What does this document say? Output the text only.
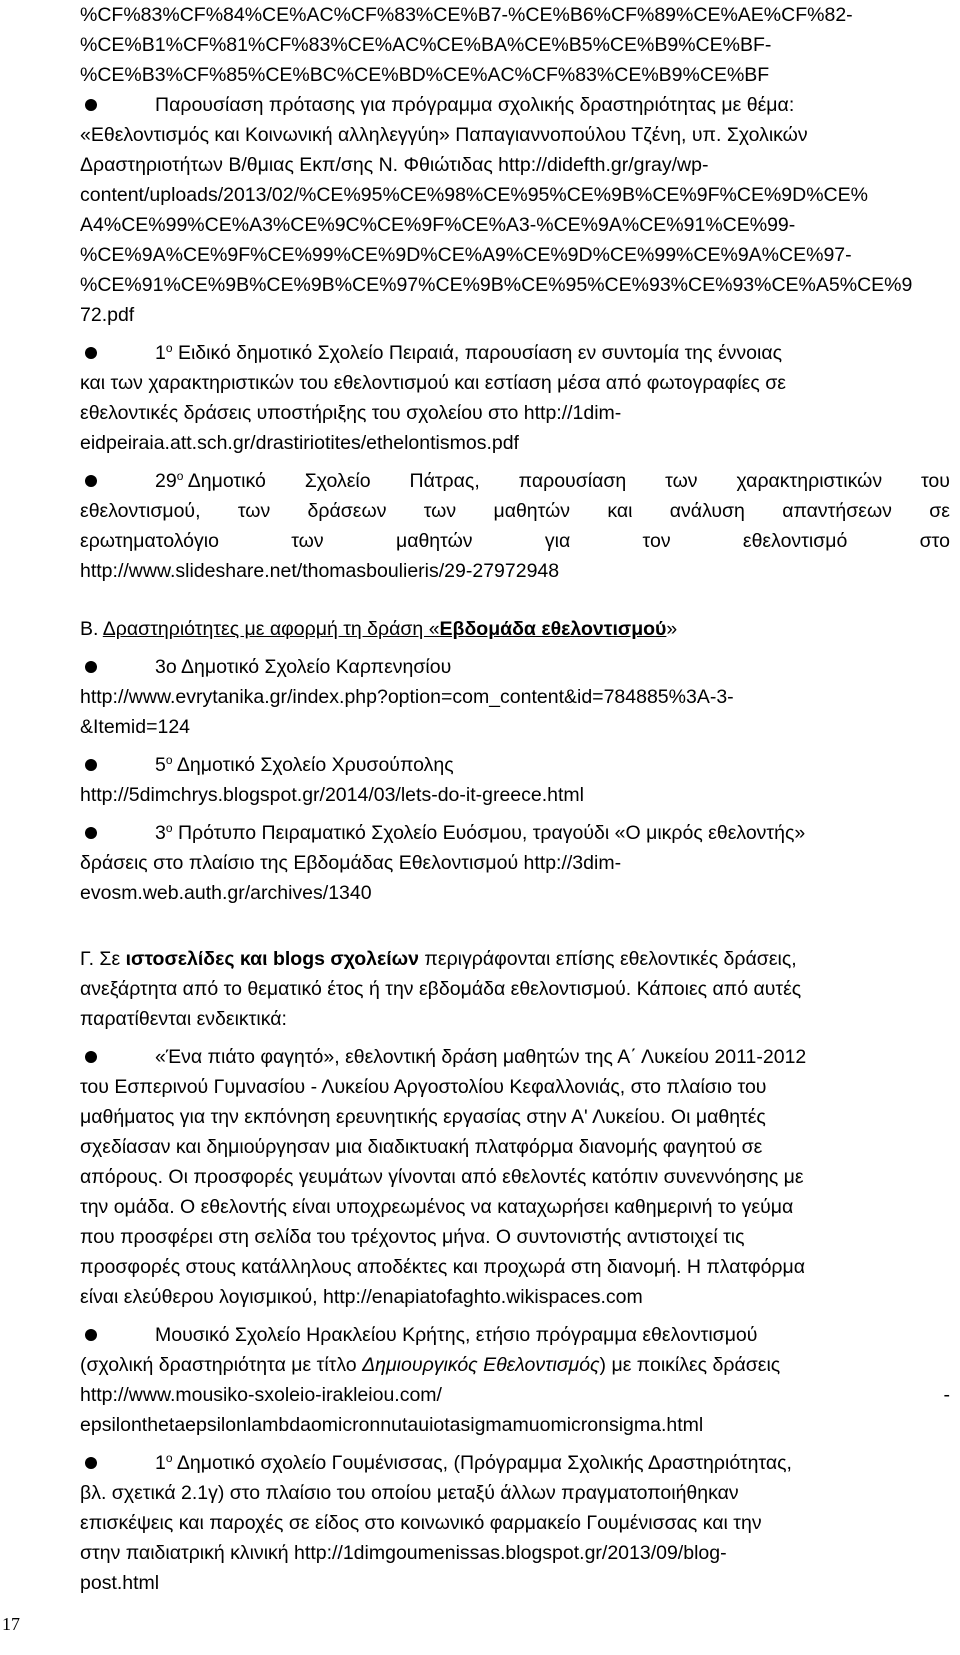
%CF%83%CF%84%CE%AC%CF%83%CE%B7-%CE%B6%CF%89%CE%AE%CF%82-
%CE%B1%CF%81%CF%83%CE%AC%CE%BA%CE%B5%CE%B9%CE%BF-
%CE%B3%CF%85%CE%BC%CE%BD%CE%AC%CF%83%CE%B9%CE%BF
Παρουσίαση πρότασης για πρόγραμμα σχολικής δραστηριότητας με θέμα:
«Εθελοντισμός και Κοινωνική αλληλεγγύη» Παπαγιαννοπούλου Τζένη, υπ. Σχολικών
Δραστηριοτήτων Β/θμιας Εκπ/σης Ν. Φθιώτιδας http://didefth.gr/gray/wp-
content/uploads/2013/02/%CE%95%CE%98%CE%95%CE%9B%CE%9F%CE%9D%CE%
A4%CE%99%CE%A3%CE%9C%CE%9F%CE%A3-%CE%9A%CE%91%CE%99-
%CE%9A%CE%9F%CE%99%CE%9D%CE%A9%CE%9D%CE%99%CE%9A%CE%97-
%CE%91%CE%9B%CE%9B%CE%97%CE%9B%CE%95%CE%93%CE%93%CE%A5%CE%9
72.pdf
$1^o$ Ειδικό δημοτικό Σχολείο Πειραιά, παρουσίαση εν συντομία της έννοιας
και των χαρακτηριστικών του εθελοντισμού και εστίαση μέσα από φωτογραφίες σε
εθελοντικές δράσεις υποστήριξης του σχολείου στο http://1dim-
eidpeiraia.att.sch.gr/drastiriotites/ethelontismos.pdf
$29^o$ Δημοτικό Σχολείο Πάτρας, παρουσίαση των χαρακτηριστικών του
εθελοντισμού, των δράσεων των μαθητών και ανάλυση απαντήσεων σε
ερωτηματολόγιο	των	μαθητών	για	τον	εθελοντισμό	στο
http://www.slideshare.net/thomasboulieris/29-27972948
Β. Δραστηριότητες με αφορμή τη δράση «Εβδομάδα εθελοντισμού»
3ο Δημοτικό Σχολείο Καρπενησίου
http://www.evrytanika.gr/index.php?option=com_content&id=784885%3A-3-
&Itemid=124
$5^o$ Δημοτικό Σχολείο Χρυσούπολης
http://5dimchrys.blogspot.gr/2014/03/lets-do-it-greece.html
$3^o$ Πρότυπο Πειραματικό Σχολείο Ευόσμου, τραγούδι «Ο μικρός εθελοντής»
δράσεις στο πλαίσιο της Εβδομάδας Εθελοντισμού http://3dim-
evosm.web.auth.gr/archives/1340
Γ. Σε ιστοσελίδες και blogs σχολείων περιγράφονται επίσης εθελοντικές δράσεις,
ανεξάρτητα από το θεματικό έτος ή την εβδομάδα εθελοντισμού. Κάποιες από αυτές
παρατίθενται ενδεικτικά:
«Ένα πιάτο φαγητό», εθελοντική δράση μαθητών της Α΄ Λυκείου 2011-2012
του Εσπερινού Γυμνασίου - Λυκείου Αργοστολίου Κεφαλλονιάς, στο πλαίσιο του
μαθήματος για την εκπόνηση ερευνητικής εργασίας στην Α' Λυκείου. Οι μαθητές
σχεδίασαν και δημιούργησαν μια διαδικτυακή πλατφόρμα διανομής φαγητού σε
απόρους. Οι προσφορές γευμάτων γίνονται από εθελοντές κατόπιν συνεννόησης με
την ομάδα. Ο εθελοντής είναι υποχρεωμένος να καταχωρήσει καθημερινή το γεύμα
που προσφέρει στη σελίδα του τρέχοντος μήνα. Ο συντονιστής αντιστοιχεί τις
προσφορές στους κατάλληλους αποδέκτες και προχωρά στη διανομή. Η πλατφόρμα
είναι ελεύθερου λογισμικού, http://enapiatofaghto.wikispaces.com
Μουσικό Σχολείο Ηρακλείου Κρήτης, ετήσιο πρόγραμμα εθελοντισμού
(σχολική δραστηριότητα με τίτλο Δημιουργικός Εθελοντισμός) με ποικίλες δράσεις
http://www.mousiko-sxoleio-irakleiou.com/	-
epsilonthetaepsilonlambdaomicronnutauiotasigmamuomicronsigma.html
$1^o$ Δημοτικό σχολείο Γουμένισσας, (Πρόγραμμα Σχολικής Δραστηριότητας,
βλ. σχετικά 2.1γ) στο πλαίσιο του οποίου μεταξύ άλλων πραγματοποιήθηκαν
επισκέψεις και παροχές σε είδος στο κοινωνικό φαρμακείο Γουμένισσας και την
στην παιδιατρική κλινική http://1dimgoumenissas.blogspot.gr/2013/09/blog-
post.html
17
